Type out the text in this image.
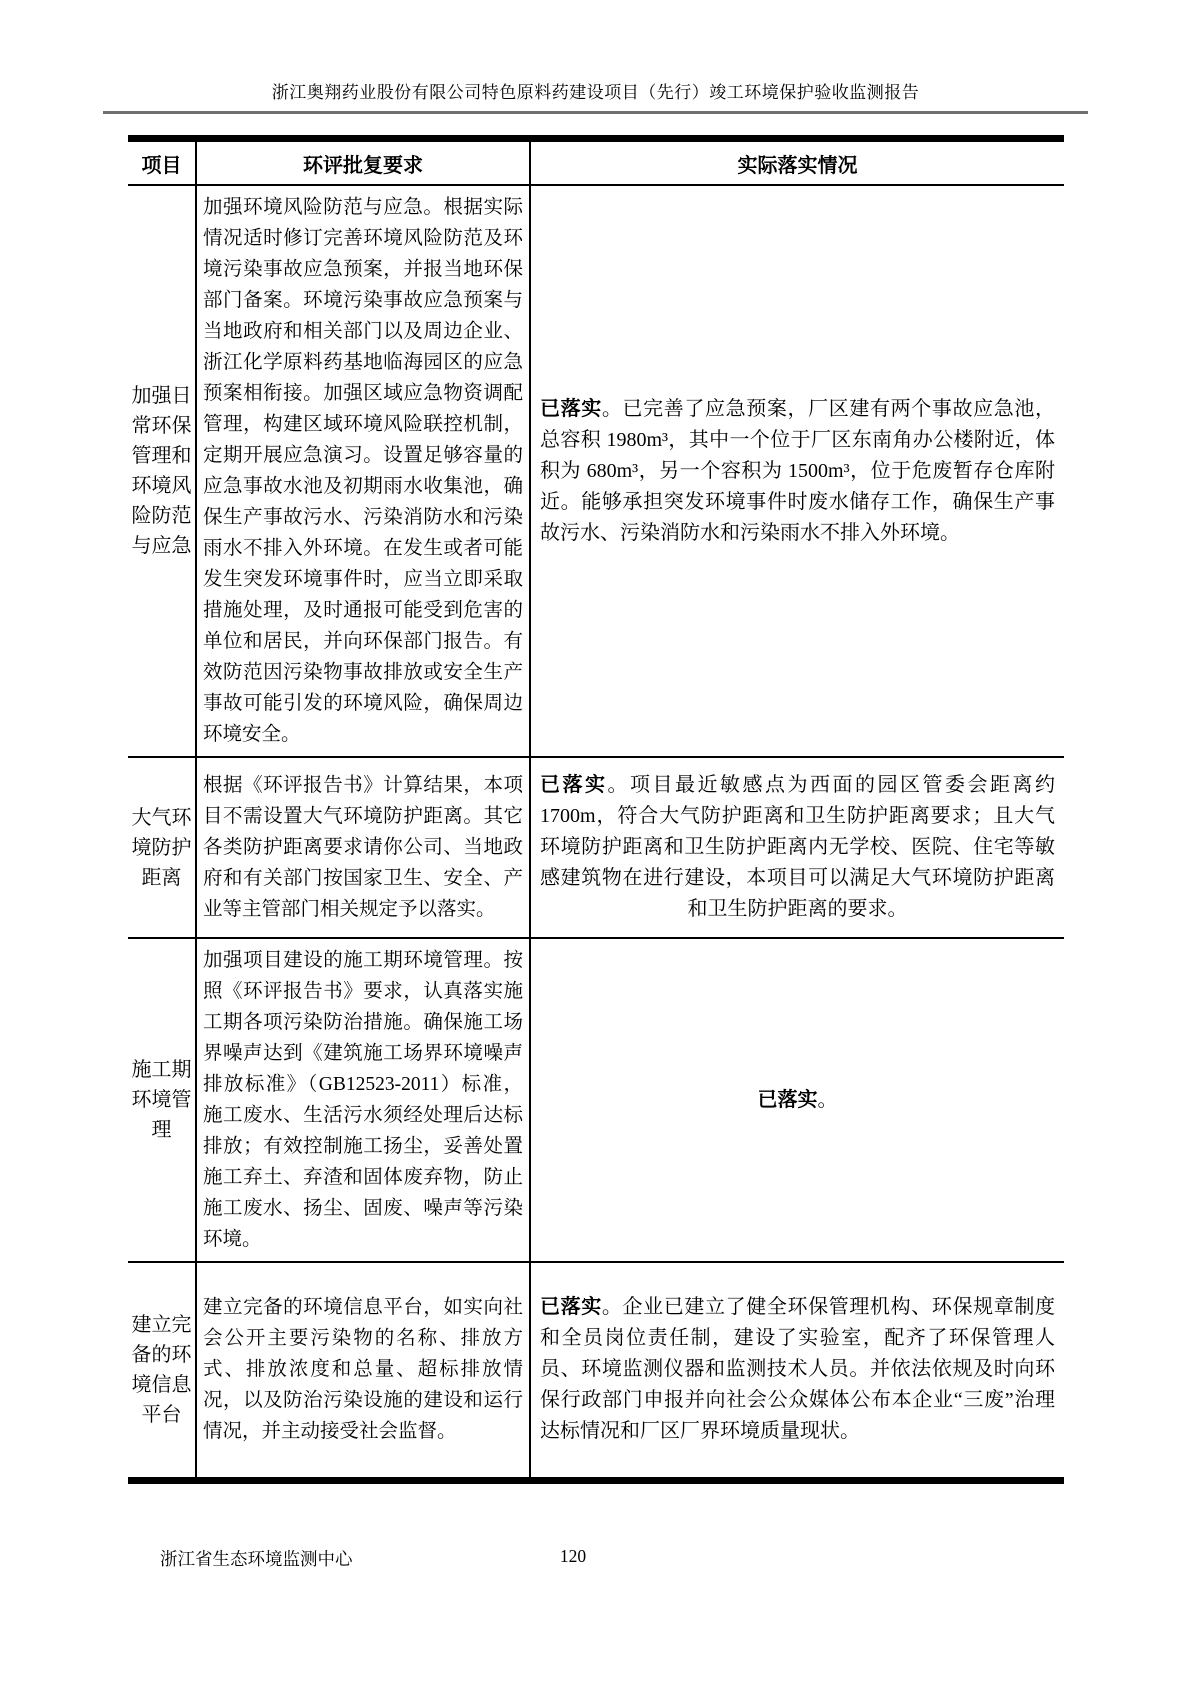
浙江奥翔药业股份有限公司特色原料药建设项目（先行）竣工环境保护验收监测报告
项目	环评批复要求	实际落实情况
加强日常环保管理和环境风险防范与应急	加强环境风险防范与应急。根据实际情况适时修订完善环境风险防范及环境污染事故应急预案，并报当地环保部门备案。环境污染事故应急预案与当地政府和相关部门以及周边企业、浙江化学原料药基地临海园区的应急预案相衔接。加强区域应急物资调配管理，构建区域环境风险联控机制，定期开展应急演习。设置足够容量的应急事故水池及初期雨水收集池，确保生产事故污水、污染消防水和污染雨水不排入外环境。在发生或者可能发生突发环境事件时，应当立即采取措施处理，及时通报可能受到危害的单位和居民，并向环保部门报告。有效防范因污染物事故排放或安全生产事故可能引发的环境风险，确保周边环境安全。	已落实。已完善了应急预案，厂区建有两个事故应急池，总容积 1980m³，其中一个位于厂区东南角办公楼附近，体积为 680m³，另一个容积为 1500m³，位于危废暂存仓库附近。能够承担突发环境事件时废水储存工作，确保生产事故污水、污染消防水和污染雨水不排入外环境。
大气环境防护距离	根据《环评报告书》计算结果，本项目不需设置大气环境防护距离。其它各类防护距离要求请你公司、当地政府和有关部门按国家卫生、安全、产业等主管部门相关规定予以落实。	已落实。项目最近敏感点为西面的园区管委会距离约1700m，符合大气防护距离和卫生防护距离要求；且大气环境防护距离和卫生防护距离内无学校、医院、住宅等敏感建筑物在进行建设，本项目可以满足大气环境防护距离和卫生防护距离的要求。
施工期环境管理	加强项目建设的施工期环境管理。按照《环评报告书》要求，认真落实施工期各项污染防治措施。确保施工场界噪声达到《建筑施工场界环境噪声排放标准》（GB12523-2011）标准，施工废水、生活污水须经处理后达标排放；有效控制施工扬尘，妥善处置施工弃土、弃渣和固体废弃物，防止施工废水、扬尘、固废、噪声等污染环境。	已落实。
建立完备的环境信息平台	建立完备的环境信息平台，如实向社会公开主要污染物的名称、排放方式、排放浓度和总量、超标排放情况，以及防治污染设施的建设和运行情况，并主动接受社会监督。	已落实。企业已建立了健全环保管理机构、环保规章制度和全员岗位责任制，建设了实验室，配齐了环保管理人员、环境监测仪器和监测技术人员。并依法依规及时向环保行政部门申报并向社会公众媒体公布本企业“三废”治理达标情况和厂区厂界环境质量现状。
120
浙江省生态环境监测中心
